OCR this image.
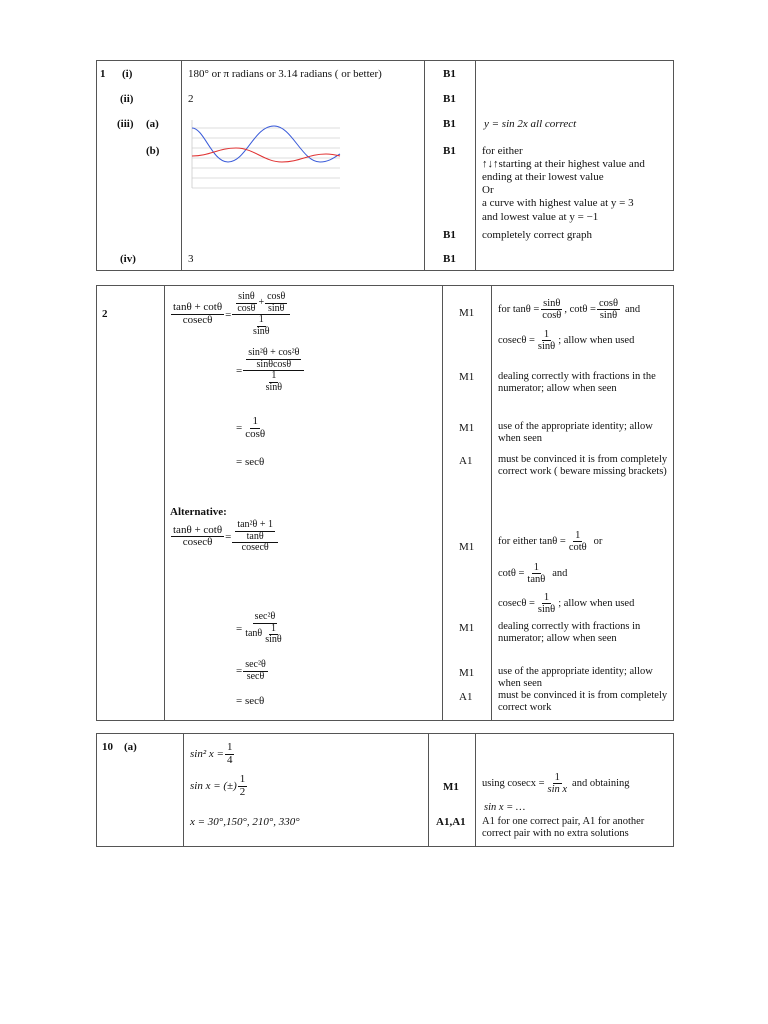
1 (i)
(ii)
(iii) (a)
(b)
(iv)
180° or π radians or 3.14 radians ( or better)
2
3
B1
B1
B1
B1
B1
B1
y = sin 2x all correct
for either
↑↓↑starting at their highest value and
ending at their lowest value
Or
a curve with highest value at y = 3
and lowest value at y = −1
completely correct graph
2	$\frac{\tan\theta + \cot\theta}{cosec\theta} = \frac{\frac{\sin\theta}{\cos\theta} + \frac{\cos\theta}{\sin\theta}}{\frac{1}{\sin\theta}}$
= $\frac{\frac{\text{sin²θ + cos²θ}}{\sin\theta\cos\theta}}{\frac{1}{\sin\theta}}$
= $\frac{1}{\cos\theta}$
= secθ
Alternative:
$\frac{\tan\theta + \cot\theta}{cosec\theta} = \frac{\frac{\text{tan²θ + 1}}{\tan\theta}}{cosec\theta}$
= $\frac{\text{sec²θ}}{\tan\theta \frac{1}{\sin\theta}}$
= $\frac{\text{sec²θ}}{\sec\theta}$
= secθ
M1
M1
M1
A1
M1
M1
M1
A1
for $\tan\theta = \frac{\sin\theta}{\cos\theta}$ , $\cot\theta = \frac{\cos\theta}{\sin\theta}$ and
$cosec\theta = \frac{1}{\sin\theta}$ ; allow when used
dealing correctly with fractions in the numerator; allow when seen
use of the appropriate identity; allow when seen
must be convinced it is from completely correct work ( beware missing brackets)
for either $\tan\theta = \frac{1}{\cot\theta}$ or
$\cot\theta = \frac{1}{\tan\theta}$ and
$cosec\theta = \frac{1}{\sin\theta}$ ; allow when used
dealing correctly with fractions in numerator; allow when seen
use of the appropriate identity; allow when seen
must be convinced it is from completely correct work
10 (a)
sin² $x = \frac{1}{4}$
sin x = (±) $\frac{1}{2}$
x = 30°,150°, 210°, 330°
M1
A1,A1
using $cosecx = \frac{1}{\text{sin x}}$ and obtaining
sin x = …
A1 for one correct pair, A1 for another correct pair with no extra solutions
